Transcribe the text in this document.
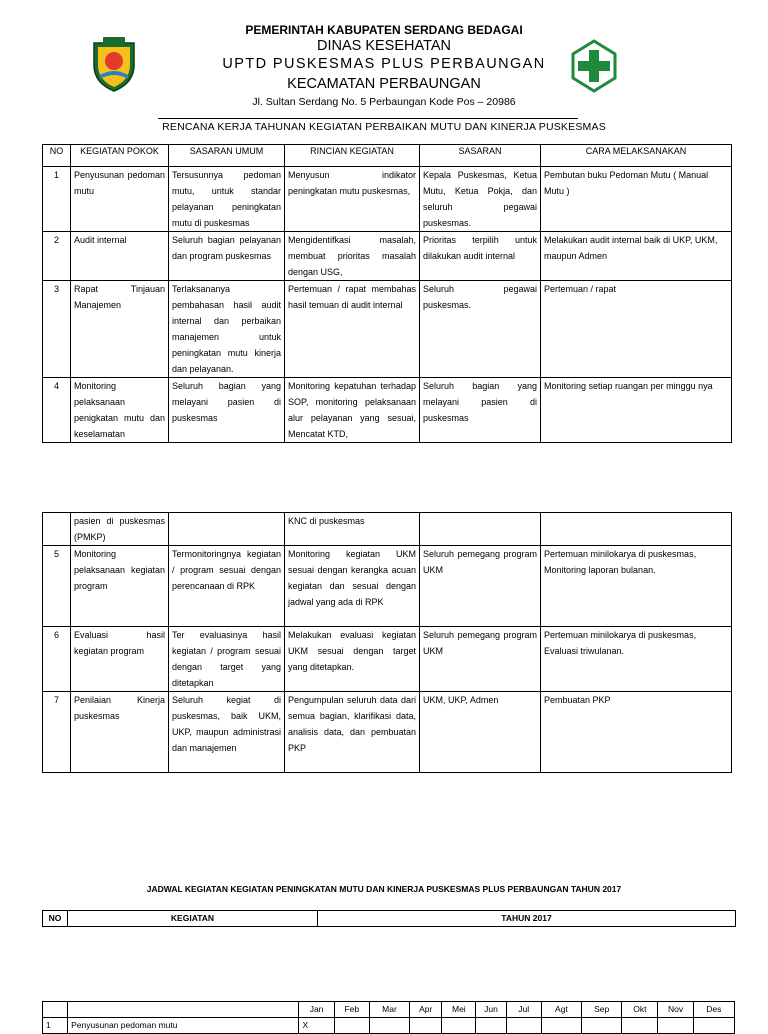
PEMERINTAH KABUPATEN SERDANG BEDAGAI
DINAS KESEHATAN
UPTD PUSKESMAS PLUS PERBAUNGAN
KECAMATAN PERBAUNGAN
Jl. Sultan Serdang No. 5 Perbaungan Kode Pos – 20986
RENCANA KERJA TAHUNAN KEGIATAN PERBAIKAN MUTU DAN KINERJA PUSKESMAS
NO	KEGIATAN POKOK	SASARAN UMUM	RINCIAN KEGIATAN	SASARAN	CARA MELAKSANAKAN
1	Penyusunan pedoman mutu	Tersusunnya pedoman mutu, untuk standar pelayanan peningkatan mutu di puskesmas	Menyusun indikator peningkatan mutu puskesmas,	Kepala Puskesmas, Ketua Mutu, Ketua Pokja, dan seluruh pegawai puskesmas.	Pembutan buku Pedoman Mutu ( Manual Mutu )
2	Audit internal	Seluruh bagian pelayanan dan program puskesmas	Mengidentifkasi masalah, membuat prioritas masalah dengan USG,	Prioritas terpilih untuk dilakukan audit internal	Melakukan audit internal baik di UKP, UKM, maupun Admen
3	Rapat Tinjauan Manajemen	Terlaksananya pembahasan hasil audit internal dan perbaikan manajemen untuk peningkatan mutu kinerja dan pelayanan.	Pertemuan / rapat membahas hasil temuan di audit internal	Seluruh pegawai puskesmas.	Pertemuan / rapat
4	Monitoring pelaksanaan penigkatan mutu dan keselamatan	Seluruh bagian yang melayani pasien di puskesmas	Monitoring kepatuhan terhadap SOP, monitoring pelaksanaan alur pelayanan yang sesuai, Mencatat KTD,	Seluruh bagian yang melayani pasien di puskesmas	Monitoring setiap ruangan per minggu nya
	pasien di puskesmas (PMKP)		KNC di puskesmas		
5	Monitoring pelaksanaan kegiatan program	Termonitoringnya kegiatan / program sesuai dengan perencanaan di RPK	Monitoring kegiatan UKM sesuai dengan kerangka acuan kegiatan dan sesuai dengan jadwal yang ada di RPK	Seluruh pemegang program UKM	Pertemuan minilokarya di puskesmas, Monitoring laporan bulanan.
6	Evaluasi hasil kegiatan program	Ter evaluasinya hasil kegiatan / program sesuai dengan target yang ditetapkan	Melakukan evaluasi kegiatan UKM sesuai dengan target yang ditetapkan.	Seluruh pemegang program UKM	Pertemuan minilokarya di puskesmas, Evaluasi triwulanan.
7	Penilaian Kinerja puskesmas	Seluruh kegiat di puskesmas, baik UKM, UKP, maupun administrasi dan manajemen	Pengumpulan seluruh data dari semua bagian, klarifikasi data, analisis data, dan pembuatan PKP	UKM, UKP, Admen	Pembuatan PKP
JADWAL KEGIATAN KEGIATAN PENINGKATAN MUTU DAN KINERJA PUSKESMAS PLUS PERBAUNGAN TAHUN 2017
NO	KEGIATAN	TAHUN 2017
		Jan	Feb	Mar	Apr	Mei	Jun	Jul	Agt	Sep	Okt	Nov	Des
1	Penyusunan pedoman mutu	X											
